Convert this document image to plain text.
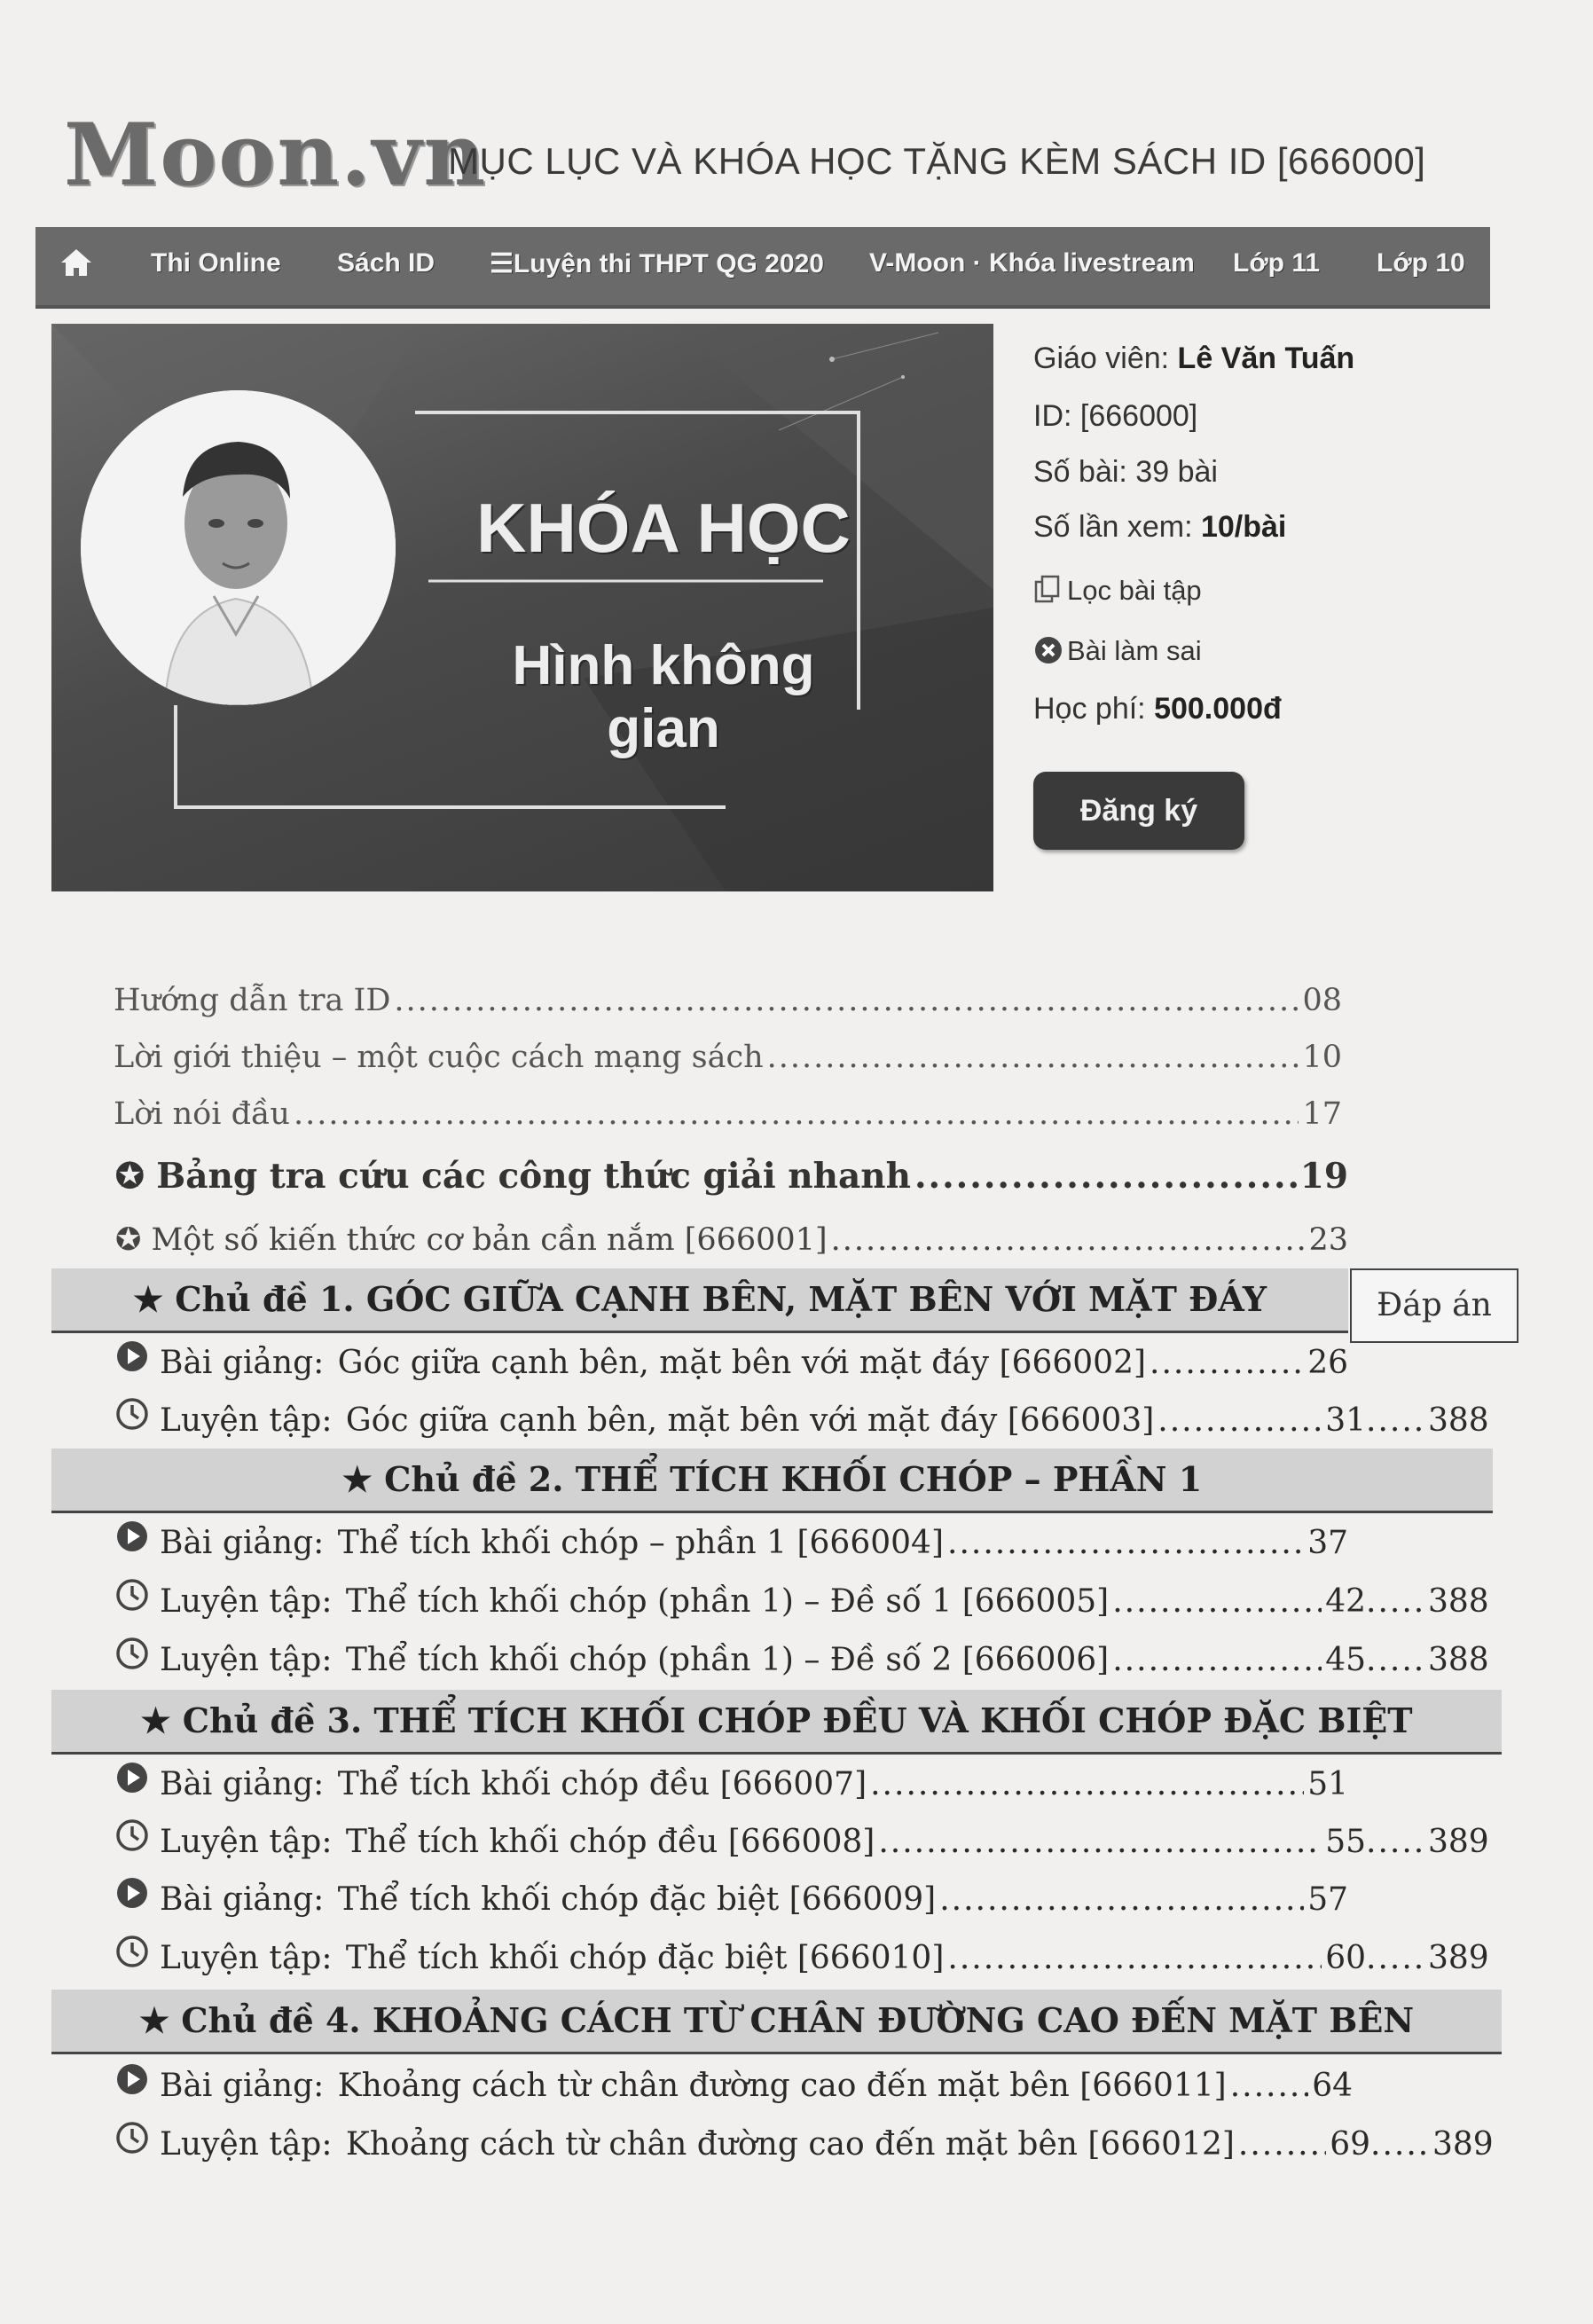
Moon.vn
MỤC LỤC VÀ KHÓA HỌC TẶNG KÈM SÁCH ID [666000]
Thi Online Sách ID ☰Luyện thi THPT QG 2020 V-Moon · Khóa livestream Lớp 11 Lớp 10
KHÓA HỌC
Hình không gian
Giáo viên: Lê Văn Tuấn
ID: [666000]
Số bài: 39 bài
Số lần xem: 10/bài
Lọc bài tập
Bài làm sai
Học phí: 500.000đ
Đăng ký
Hướng dẫn tra ID .....	08
Lời giới thiệu – một cuộc cách mạng sách .....	10
Lời nói đầu .....	17
✪ Bảng tra cứu các công thức giải nhanh .....	19
✪ Một số kiến thức cơ bản cần nắm [666001] .....	23
★ Chủ đề 1. GÓC GIỮA CẠNH BÊN, MẶT BÊN VỚI MẶT ĐÁY	Đáp án
Bài giảng:
Góc giữa cạnh bên, mặt bên với mặt đáy [666002] .....	26
Luyện tập:
Góc giữa cạnh bên, mặt bên với mặt đáy [666003] .....	31 ..... 388
★ Chủ đề 2. THỂ TÍCH KHỐI CHÓP – PHẦN 1
Bài giảng:
Thể tích khối chóp – phần 1 [666004] .....	37
Luyện tập:
Thể tích khối chóp (phần 1) – Đề số 1 [666005] .....	42 ..... 388
Luyện tập:
Thể tích khối chóp (phần 1) – Đề số 2 [666006] .....	45 ..... 388
★ Chủ đề 3. THỂ TÍCH KHỐI CHÓP ĐỀU VÀ KHỐI CHÓP ĐẶC BIỆT
Bài giảng:
Thể tích khối chóp đều [666007] .....	51
Luyện tập:
Thể tích khối chóp đều [666008] .....	55 ..... 389
Bài giảng:
Thể tích khối chóp đặc biệt [666009] .....	57
Luyện tập:
Thể tích khối chóp đặc biệt [666010] .....	60 ..... 389
★ Chủ đề 4. KHOẢNG CÁCH TỪ CHÂN ĐƯỜNG CAO ĐẾN MẶT BÊN
Bài giảng:
Khoảng cách từ chân đường cao đến mặt bên [666011] .....	64
Luyện tập:
Khoảng cách từ chân đường cao đến mặt bên [666012] .....	69 ..... 389
